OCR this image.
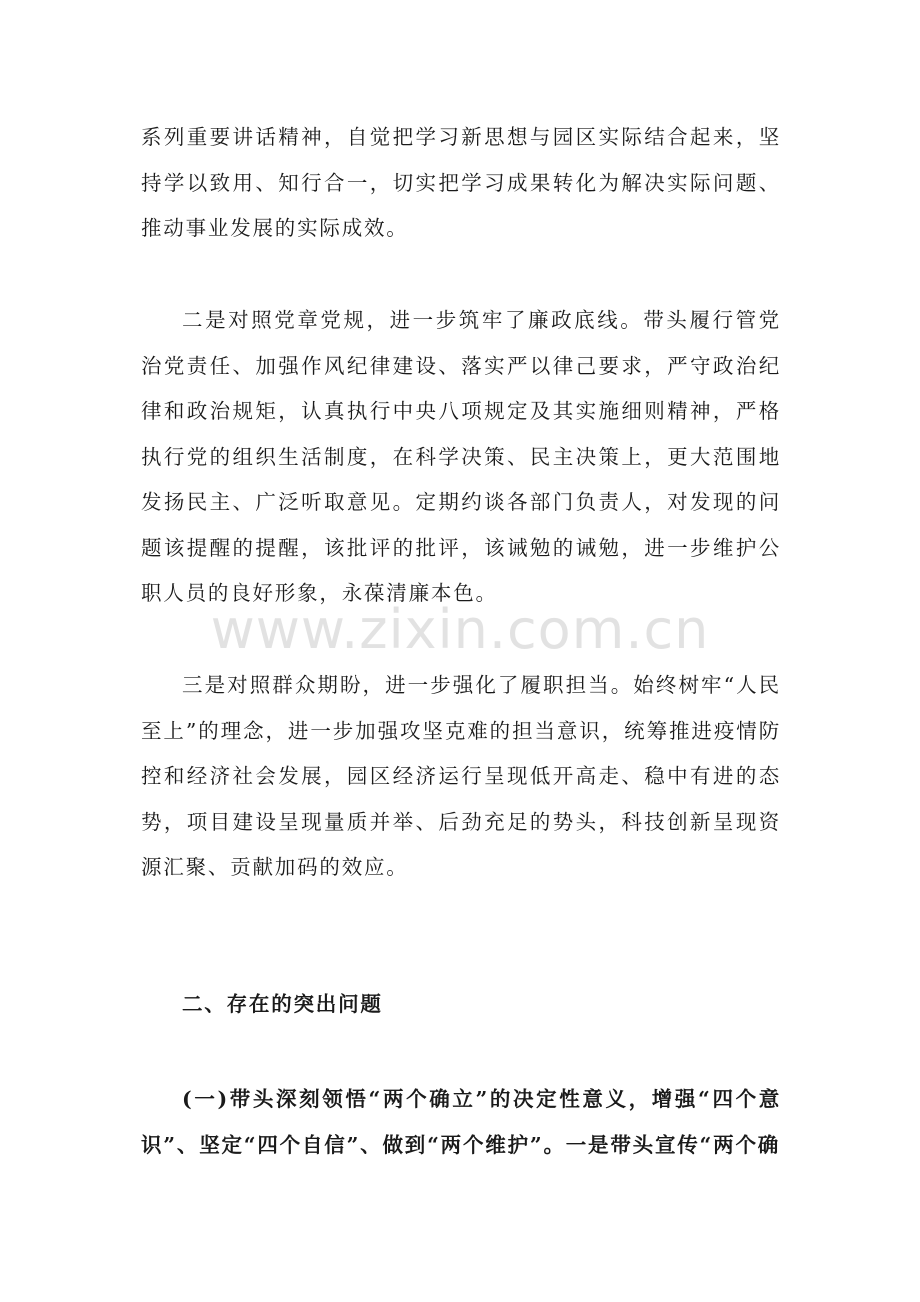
系列重要讲话精神，自觉把学习新思想与园区实际结合起来，坚持学以致用、知行合一，切实把学习成果转化为解决实际问题、推动事业发展的实际成效。

二是对照党章党规，进一步筑牢了廉政底线。带头履行管党治党责任、加强作风纪律建设、落实严以律己要求，严守政治纪律和政治规矩，认真执行中央八项规定及其实施细则精神，严格执行党的组织生活制度，在科学决策、民主决策上，更大范围地发扬民主、广泛听取意见。定期约谈各部门负责人，对发现的问题该提醒的提醒，该批评的批评，该诫勉的诫勉，进一步维护公职人员的良好形象，永葆清廉本色。

三是对照群众期盼，进一步强化了履职担当。始终树牢“人民至上”的理念，进一步加强攻坚克难的担当意识，统筹推进疫情防控和经济社会发展，园区经济运行呈现低开高走、稳中有进的态势，项目建设呈现量质并举、后劲充足的势头，科技创新呈现资源汇聚、贡献加码的效应。

二、存在的突出问题

(一)带头深刻领悟“两个确立”的决定性意义，增强“四个意识”、坚定“四个自信”、做到“两个维护”。一是带头宣传“两个确

www.zixin.com.cn
